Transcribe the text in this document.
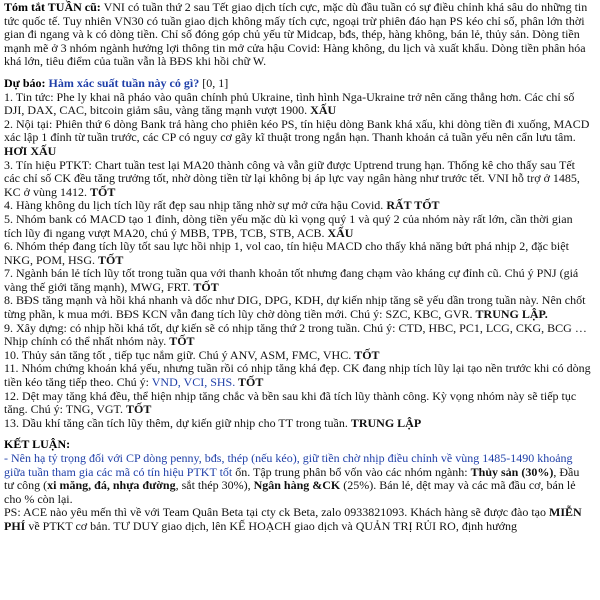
Tóm tắt TUẦN cũ: VNI có tuần thứ 2 sau Tết giao dịch tích cực, mặc dù đầu tuần có sự điều chỉnh khá sâu do những tin tức quốc tế. Tuy nhiên VN30 có tuần giao dịch không mấy tích cực, ngoại trừ phiên đáo hạn PS kéo chỉ số, phân lớn thời gian đi ngang và k có dòng tiền. Chỉ số đóng góp chủ yếu từ Midcap, bđs, thép, hàng không, bán lẻ, thủy sản. Dòng tiền mạnh mẽ ở 3 nhóm ngành hưởng lợi thông tin mở cửa hậu Covid: Hàng không, du lịch và xuất khẩu. Dòng tiền phân hóa khá lớn, tiêu điểm của tuần vẫn là BĐS khi hồi chữ W.

Dự báo: Hàm xác suất tuần này có gì? [0, 1]

1. Tin tức: Phe ly khai nã pháo vào quân chính phủ Ukraine, tình hình Nga-Ukraine trở nên căng thẳng hơn. Các chỉ số DJI, DAX, CAC, bitcoin giảm sâu, vàng tăng mạnh vượt 1900. XẤU

2. Nội tại: Phiên thứ 6 dòng Bank trả hàng cho phiên kéo PS, tín hiệu dòng Bank khá xấu, khi dòng tiền đi xuống, MACD xác lập 1 đỉnh từ tuần trước, các CP có nguy cơ gãy kĩ thuật trong ngắn hạn. Thanh khoản cả tuần yếu nên cẩn lưu tâm. HƠI XẤU

3. Tín hiệu PTKT: Chart tuần test lại MA20 thành công và vẫn giữ được Uptrend trung hạn. Thống kê cho thấy sau Tết các chỉ số CK đều tăng trưởng tốt, nhờ dòng tiền từ lại không bị áp lực vay ngân hàng như trước tết. VNI hỗ trợ ở 1485, KC ở vùng 1412. TỐT

4. Hàng không du lịch tích lũy rất đẹp sau nhịp tăng nhờ sự mở cửa hậu Covid. RẤT TỐT

5. Nhóm bank có MACD tạo 1 đỉnh, dòng tiền yếu mặc dù kì vọng quý 1 và quý 2 của nhóm này rất lớn, cần thời gian tích lũy đi ngang vượt MA20, chú ý MBB, TPB, TCB, STB, ACB. XẤU

6. Nhóm thép đang tích lũy tốt sau lực hồi nhịp 1, vol cao, tín hiệu MACD cho thấy khả năng bứt phá nhịp 2, đặc biệt NKG, POM, HSG. TỐT

7. Ngành bán lẻ tích lũy tốt trong tuần qua với thanh khoản tốt nhưng đang chạm vào kháng cự đỉnh cũ. Chú ý PNJ (giá vàng thế giới tăng mạnh), MWG, FRT. TỐT

8. BĐS tăng mạnh và hồi khá nhanh và dốc như DIG, DPG, KDH, dự kiến nhịp tăng sẽ yếu dần trong tuần này. Nên chốt từng phần, k mua mới. BĐS KCN vẫn đang tích lũy chờ dòng tiền mới. Chú ý: SZC, KBC, GVR. TRUNG LẬP.

9. Xây dựng: có nhịp hồi khá tốt, dự kiến sẽ có nhịp tăng thứ 2 trong tuần. Chú ý: CTD, HBC, PC1, LCG, CKG, BCG … Nhịp chính có thể nhất nhóm này. TỐT

10. Thủy sản tăng tốt , tiếp tục nắm giữ. Chú ý ANV, ASM, FMC, VHC. TỐT

11. Nhóm chứng khoán khá yếu, nhưng tuần rồi có nhịp tăng khá đẹp. CK đang nhịp tích lũy lại tạo nền trước khi có dòng tiền kéo tăng tiếp theo. Chú ý: VND, VCI, SHS. TỐT

12. Dệt may tăng khá đều, thể hiện nhịp tăng chắc và bền sau khi đã tích lũy thành công. Kỳ vọng nhóm này sẽ tiếp tục tăng. Chú ý: TNG, VGT. TỐT

13. Dầu khí tăng cần tích lũy thêm, dự kiến giữ nhịp cho TT trong tuần. TRUNG LẬP

KẾT LUẬN:

- Nên hạ tỷ trọng đối với CP dòng penny, bđs, thép (nếu kéo), giữ tiền chờ nhịp điều chỉnh về vùng 1485-1490 khoảng giữa tuần tham gia các mã có tín hiệu PTKT tốt ổn. Tập trung phân bổ vốn vào các nhóm ngành: Thủy sản (30%), Đầu tư công (xi măng, đá, nhựa đường, sắt thép 30%), Ngân hàng &CK (25%). Bán lẻ, dệt may và các mã đầu cơ, bán lẻ cho % còn lại.

PS: ACE nào yêu mến thì về với Team Quân Beta tại cty ck Beta, zalo 0933821093. Khách hàng sẽ được đào tạo MIỄN PHÍ về PTKT cơ bản. TƯ DUY giao dịch, lên KẾ HOẠCH giao dịch và QUẢN TRỊ RỦI RO, định hướng
